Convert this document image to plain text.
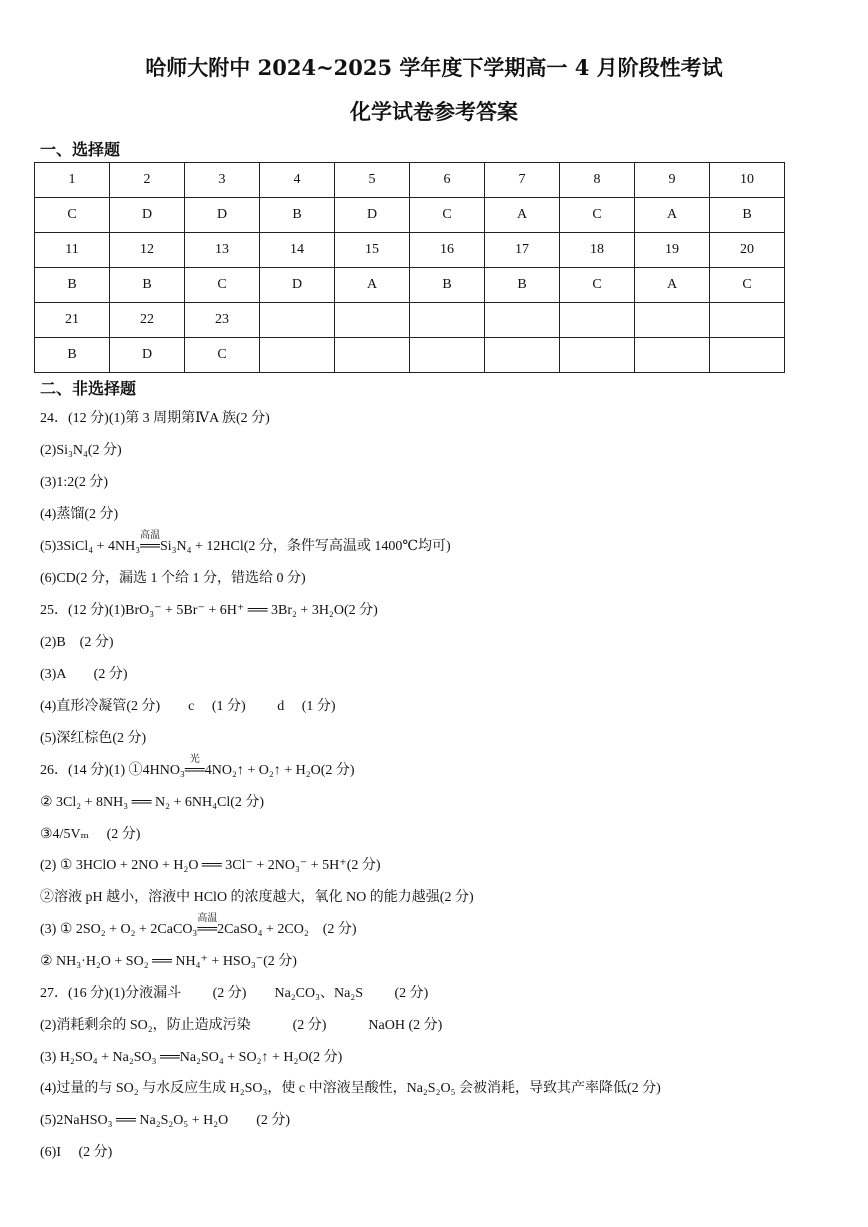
哈师大附中 2024~2025 学年度下学期高一 4 月阶段性考试
化学试卷参考答案
一、选择题
1	2	3	4	5	6	7	8	9	10
C	D	D	B	D	C	A	C	A	B
11	12	13	14	15	16	17	18	19	20
B	B	C	D	A	B	B	C	A	C
21	22	23							
B	D	C							
二、非选择题
24．(12 分)(1)第 3 周期第ⅣA 族(2 分)
(2)Si₃N₄(2 分)
(3)1:2(2 分)
(4)蒸馏(2 分)
(5)3SiCl₄ + 4NH₃
高温
══Si₃N₄ + 12HCl(2 分，条件写高温或 1400℃均可)
(6)CD(2 分，漏选 1 个给 1 分，错选给 0 分)
25．(12 分)(1)BrO₃⁻ + 5Br⁻ + 6H⁺ ══ 3Br₂ + 3H₂O(2 分)
(2)B　(2 分)
(3)A　　(2 分)
(4)直形冷凝管(2 分)　　c　 (1 分)　　 d　 (1 分)
(5)深红棕色(2 分)
26．(14 分)(1) ①4HNO₃
光
══4NO₂↑ + O₂↑ + H₂O(2 分)
② 3Cl₂ + 8NH₃ ══ N₂ + 6NH₄Cl(2 分)
③4/5Vₘ　 (2 分)
(2) ① 3HClO + 2NO + H₂O ══ 3Cl⁻ + 2NO₃⁻ + 5H⁺(2 分)
②溶液 pH 越小，溶液中 HClO 的浓度越大，氧化 NO 的能力越强(2 分)
(3) ① 2SO₂ + O₂ + 2CaCO₃
高温
══2CaSO₄ + 2CO₂　(2 分)
② NH₃·H₂O + SO₂ ══ NH₄⁺ + HSO₃⁻(2 分)
27．(16 分)(1)分液漏斗　　 (2 分)　　Na₂CO₃、Na₂S　　 (2 分)
(2)消耗剩余的 SO₂，防止造成污染　　　(2 分)　　　NaOH (2 分)
(3) H₂SO₄ + Na₂SO₃ ══Na₂SO₄ + SO₂↑ + H₂O(2 分)
(4)过量的与 SO₂ 与水反应生成 H₂SO₃，使 c 中溶液呈酸性，Na₂S₂O₅ 会被消耗，导致其产率降低(2 分)
(5)2NaHSO₃ ══ Na₂S₂O₅ + H₂O　　(2 分)
(6)I　 (2 分)
